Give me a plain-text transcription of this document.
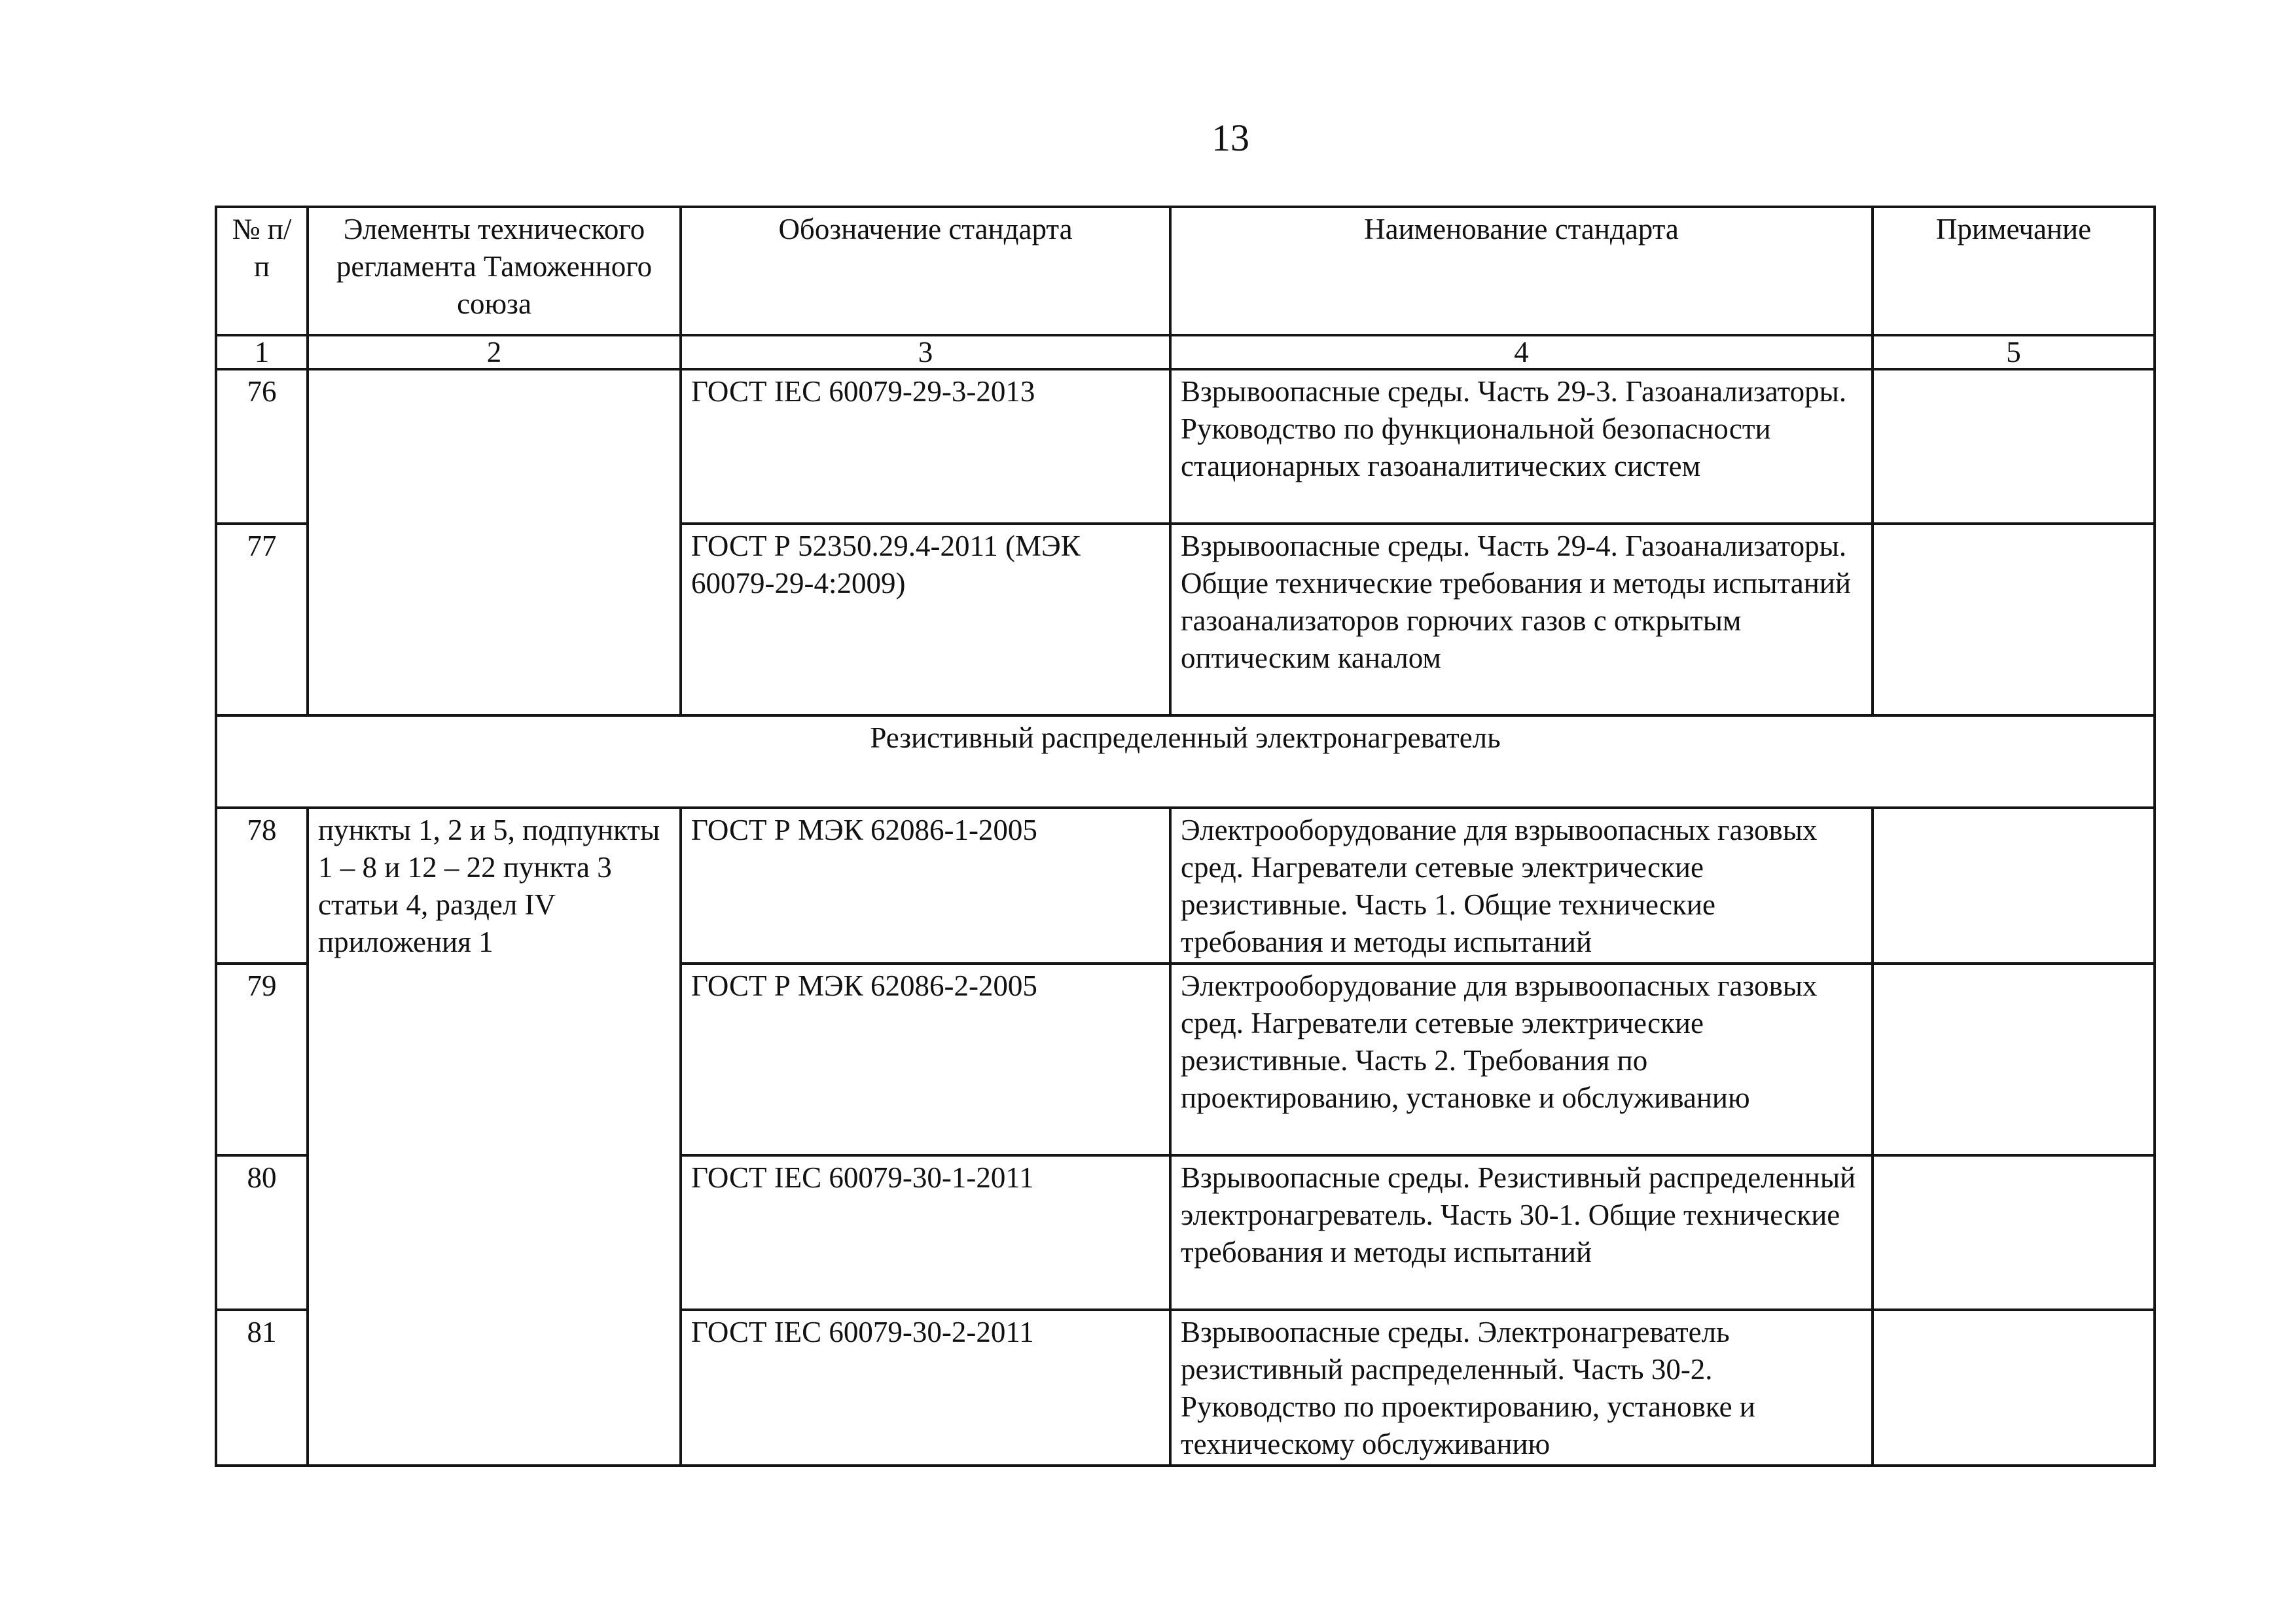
13
№ п/п	Элементы технического регламента Таможенного союза	Обозначение стандарта	Наименование стандарта	Примечание
1	2	3	4	5
76		ГОСТ IEC 60079-29-3-2013	Взрывоопасные среды. Часть 29-3. Газоанализаторы. Руководство по функциональной безопасности стационарных газоаналитических систем	
77		ГОСТ Р 52350.29.4-2011 (МЭК 60079-29-4:2009)	Взрывоопасные среды. Часть 29-4. Газоанализаторы. Общие технические требования и методы испытаний газоанализаторов горючих газов с открытым оптическим каналом	
Резистивный распределенный электронагреватель				
78	пункты 1, 2 и 5, подпункты 1 – 8 и 12 – 22 пункта 3 статьи 4, раздел IV приложения 1	ГОСТ Р МЭК 62086-1-2005	Электрооборудование для взрывоопасных газовых сред. Нагреватели сетевые электрические резистивные. Часть 1. Общие технические требования и методы испытаний	
79		ГОСТ Р МЭК 62086-2-2005	Электрооборудование для взрывоопасных газовых сред. Нагреватели сетевые электрические резистивные. Часть 2. Требования по проектированию, установке и обслуживанию	
80		ГОСТ IEC 60079-30-1-2011	Взрывоопасные среды. Резистивный распределенный электронагреватель. Часть 30-1. Общие технические требования и методы испытаний	
81		ГОСТ IEC 60079-30-2-2011	Взрывоопасные среды. Электронагреватель резистивный распределенный. Часть 30-2. Руководство по проектированию, установке и техническому обслуживанию	
